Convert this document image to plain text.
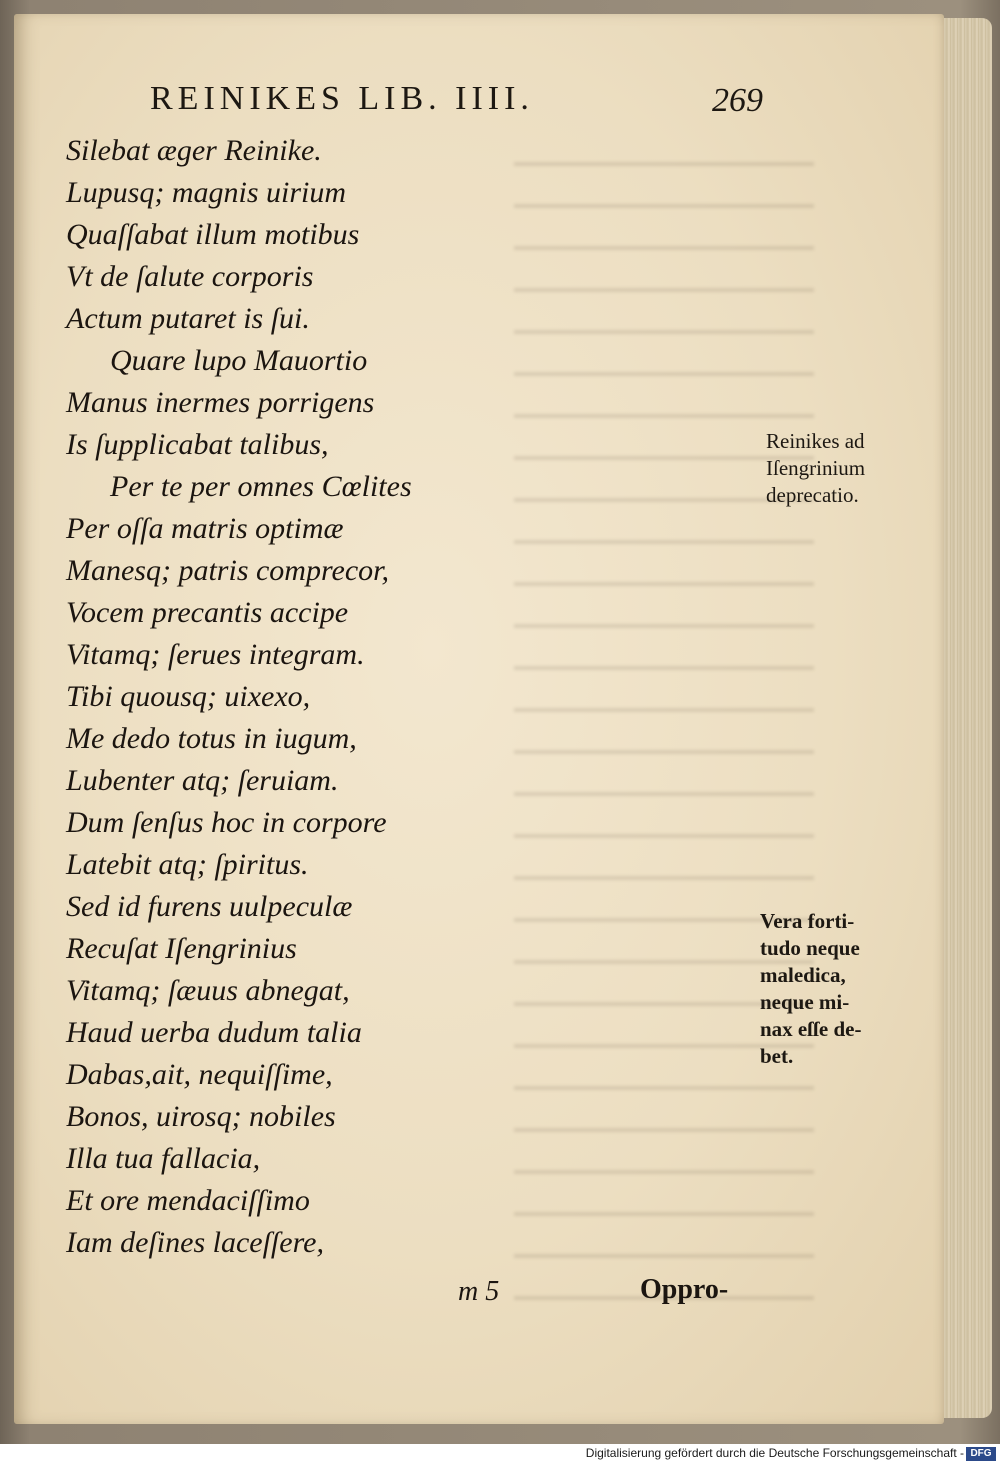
REINIKES LIB. IIII.	269
Silebat æger Reinike.
Lupusq; magnis uirium
Quaſſabat illum motibus
Vt de ſalute corporis
Actum putaret is ſui.
Quare lupo Mauortio
Manus inermes porrigens
Is ſupplicabat talibus,
Per te per omnes Cœlites
Per oſſa matris optimæ
Manesq; patris comprecor,
Vocem precantis accipe
Vitamq; ſerues integram.
Tibi quousq; uixexo,
Me dedo totus in iugum,
Lubenter atq; ſeruiam.
Dum ſenſus hoc in corpore
Latebit atq; ſpiritus.
Sed id furens uulpeculæ
Recuſat Iſengrinius
Vitamq; ſæuus abnegat,
Haud uerba dudum talia
Dabas,ait, nequiſſime,
Bonos, uirosq; nobiles
Illa tua fallacia,
Et ore mendaciſſimo
Iam deſines laceſſere,
Reinikes ad
Iſengrinium
deprecatio.
Vera forti-
tudo neque
maledica,
neque mi-
nax eſſe de-
bet.
m 5	Oppro-
Digitalisierung gefördert durch die Deutsche Forschungsgemeinschaft - DFG
